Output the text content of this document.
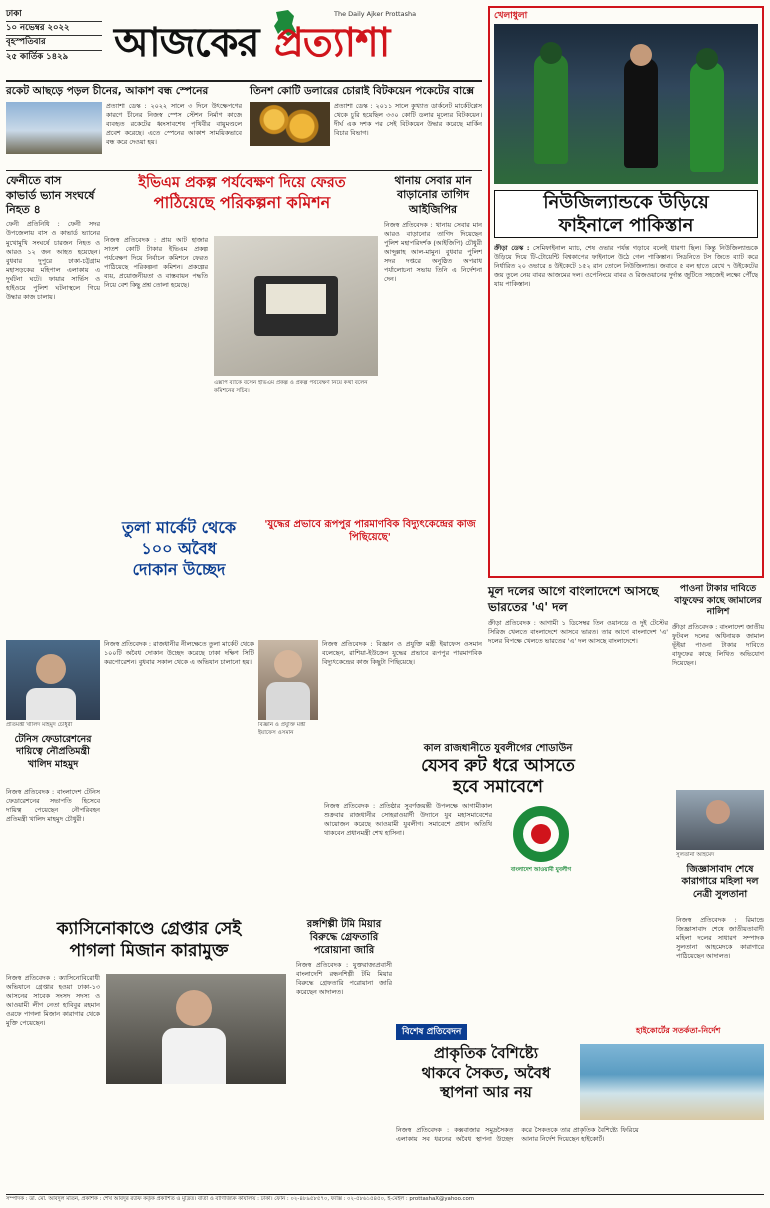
ঢাকা
১০ নভেম্বর ২০২২
বৃহস্পতিবার
২৫ কার্তিক ১৪২৯	আজকের প্রত্যাশা
The Daily Ajker Prottasha
রকেট আছড়ে পড়ল চীনের, আকাশ বন্ধ স্পেনের
প্রত্যাশা ডেস্ক : ২০২২ সালে ৩ দিনে উৎক্ষেপণের কারণে চীনের নিজস্ব স্পেস স্টেশন নির্মাণ কাজে ব্যবহৃত রকেটের ধ্বংসাবশেষ পৃথিবীর বায়ুমণ্ডলে প্রবেশ করেছে। এতে স্পেনের আকাশ সাময়িকভাবে বন্ধ করে দেওয়া হয়।
তিনশ কোটি ডলারের চোরাই বিটকয়েন পকেটের বাক্সে
প্রত্যাশা ডেস্ক : ২০১১ সালে কুখ্যাত ডার্কনেট মার্কেটপ্লেস থেকে চুরি হয়েছিল ৩৩০ কোটি ডলার মূল্যের বিটকয়েন। দীর্ঘ এক দশক পর সেই বিটকয়েন উদ্ধার করেছে মার্কিন বিচার বিভাগ।
খেলাধুলা
নিউজিল্যান্ডকে উড়িয়ে
ফাইনালে পাকিস্তান
ক্রীড়া ডেস্ক : সেমিফাইনাল ম্যাচ, শেষ ওভার পর্যন্ত গড়াবে বলেই ধারণা ছিল। কিন্তু নিউজিল্যান্ডকে উড়িয়ে দিয়ে টি-টোয়েন্টি বিশ্বকাপের ফাইনালে উঠে গেল পাকিস্তান। সিডনিতে টস জিতে ব্যাট করে নির্ধারিত ২০ ওভারে ৪ উইকেটে ১৫২ রান তোলে নিউজিল্যান্ড। জবাবে ৫ বল হাতে রেখে ৭ উইকেটের জয় তুলে নেয় বাবর আজমের দল। ওপেনিংয়ে বাবর ও রিজওয়ানের দুর্দান্ত জুটিতে সহজেই লক্ষ্যে পৌঁছে যায় পাকিস্তান।
ফেনীতে বাস
কাভার্ড ভ্যান সংঘর্ষে নিহত ৪
ফেনী প্রতিনিধি : ফেনী সদর উপজেলায় বাস ও কাভার্ড ভ্যানের মুখোমুখি সংঘর্ষে চারজন নিহত ও আরও ১২ জন আহত হয়েছেন। বুধবার দুপুরে ঢাকা-চট্টগ্রাম মহাসড়কের মহিপাল এলাকায় এ দুর্ঘটনা ঘটে। ফায়ার সার্ভিস ও হাইওয়ে পুলিশ ঘটনাস্থলে গিয়ে উদ্ধার কাজ চালায়।
ইভিএম প্রকল্প পর্যবেক্ষণ দিয়ে ফেরত
পাঠিয়েছে পরিকল্পনা কমিশন
নিজস্ব প্রতিবেদক : প্রায় আট হাজার সাতশ কোটি টাকার ইভিএম প্রকল্প পর্যবেক্ষণ দিয়ে নির্বাচন কমিশনে ফেরত পাঠিয়েছে পরিকল্পনা কমিশন। প্রকল্পের ব্যয়, প্রয়োজনীয়তা ও বাস্তবায়ন পদ্ধতি নিয়ে বেশ কিছু প্রশ্ন তোলা হয়েছে।
এক্সপি ব্যাকে বসেন ইভিএম প্রকল্প ও প্রকল্প পর্যবেক্ষণ নিয়ে কথা বলেন কমিশনের সচিব।
থানায় সেবার মান বাড়ানোর তাগিদ আইজিপির
নিজস্ব প্রতিবেদক : থানায় সেবার মান আরও বাড়ানোর তাগিদ দিয়েছেন পুলিশ মহাপরিদর্শক (আইজিপি) চৌধুরী আব্দুল্লাহ আল-মামুন। বুধবার পুলিশ সদর দপ্তরে অনুষ্ঠিত অপরাধ পর্যালোচনা সভায় তিনি এ নির্দেশনা দেন।
তুলা মার্কেট থেকে
১০০ অবৈধ
দোকান উচ্ছেদ
'যুদ্ধের প্রভাবে রূপপুর পারমাণবিক বিদ্যুৎকেন্দ্রের কাজ পিছিয়েছে'
মূল দলের আগে বাংলাদেশে আসছে ভারতের 'এ' দল
ক্রীড়া প্রতিবেদক : আগামী ১ ডিসেম্বর তিন ওয়ানডে ও দুই টেস্টের সিরিজ খেলতে বাংলাদেশে আসবে ভারত। তার আগে বাংলাদেশ 'এ' দলের বিপক্ষে খেলতে ভারতের 'এ' দল আসছে বাংলাদেশে।
পাওনা টাকার দাবিতে বাফুফের কাছে জামালের নালিশ
ক্রীড়া প্রতিবেদক : বাংলাদেশ জাতীয় ফুটবল দলের অধিনায়ক জামাল ভূঁইয়া পাওনা টাকার দাবিতে বাফুফের কাছে লিখিত অভিযোগ দিয়েছেন।
নিজস্ব প্রতিবেদক : রাজধানীর নীলক্ষেতে তুলা মার্কেট থেকে ১০০টি অবৈধ দোকান উচ্ছেদ করেছে ঢাকা দক্ষিণ সিটি করপোরেশন। বুধবার সকাল থেকে এ অভিযান চালানো হয়।
বিজ্ঞান ও প্রযুক্তি মন্ত্রী ইয়াফেস ওসমান
নিজস্ব প্রতিবেদক : বিজ্ঞান ও প্রযুক্তি মন্ত্রী ইয়াফেস ওসমান বলেছেন, রাশিয়া-ইউক্রেন যুদ্ধের প্রভাবে রূপপুর পারমাণবিক বিদ্যুৎকেন্দ্রের কাজ কিছুটা পিছিয়েছে।
কাল রাজধানীতে যুবলীগের শোডাউন
যেসব রুট ধরে আসতে
হবে সমাবেশে
নিজস্ব প্রতিবেদক : প্রতিষ্ঠার সুবর্ণজয়ন্তী উপলক্ষে আগামীকাল শুক্রবার রাজধানীর সোহরাওয়ার্দী উদ্যানে যুব মহাসমাবেশের আয়োজন করেছে আওয়ামী যুবলীগ। সমাবেশে প্রধান অতিথি থাকবেন প্রধানমন্ত্রী শেখ হাসিনা।
বাংলাদেশ আওয়ামী যুবলীগ
প্রতিমন্ত্রী খালিদ মাহমুদ চৌধুরী
টেনিস ফেডারেশনের দায়িত্বে নৌপ্রতিমন্ত্রী খালিদ মাহমুদ
নিজস্ব প্রতিবেদক : বাংলাদেশ টেনিস ফেডারেশনের সভাপতি হিসেবে দায়িত্ব পেয়েছেন নৌপরিবহন প্রতিমন্ত্রী খালিদ মাহমুদ চৌধুরী।
সুলতানা আহমেদ
জিজ্ঞাসাবাদ শেষে কারাগারে মহিলা দল নেত্রী সুলতানা
নিজস্ব প্রতিবেদক : রিমান্ডে জিজ্ঞাসাবাদ শেষে জাতীয়তাবাদী মহিলা দলের সাধারণ সম্পাদক সুলতানা আহমেদকে কারাগারে পাঠিয়েছেন আদালত।
ক্যাসিনোকাণ্ডে গ্রেপ্তার সেই
পাগলা মিজান কারামুক্ত
নিজস্ব প্রতিবেদক : ক্যাসিনোবিরোধী অভিযানে গ্রেপ্তার হওয়া ঢাকা-১৩ আসনের সাবেক সংসদ সদস্য ও আওয়ামী লীগ নেতা হাবিবুর রহমান ওরফে পাগলা মিজান কারাগার থেকে মুক্তি পেয়েছেন।
রঙ্গশিল্পী টমি মিয়ার বিরুদ্ধে গ্রেফতারি পরোয়ানা জারি
নিজস্ব প্রতিবেদক : যুক্তরাজ্যপ্রবাসী বাংলাদেশি রন্ধনশিল্পী টমি মিয়ার বিরুদ্ধে গ্রেফতারি পরোয়ানা জারি করেছেন আদালত।
বিশেষ প্রতিবেদন	হাইকোর্টের সতর্কতা-নির্দেশ
প্রাকৃতিক বৈশিষ্ট্যে
থাকবে সৈকত, অবৈধ
স্থাপনা আর নয়
নিজস্ব প্রতিবেদক : কক্সবাজার সমুদ্রসৈকত এলাকায় সব ধরনের অবৈধ স্থাপনা উচ্ছেদ করে সৈকতকে তার প্রাকৃতিক বৈশিষ্ট্যে ফিরিয়ে আনার নির্দেশ দিয়েছেন হাইকোর্ট।
সম্পাদক : ডা. মো. আবদুল মতিন, প্রকাশক : শেখ আবদুর রউফ কর্তৃক প্রকাশিত ও মুদ্রিত। বার্তা ও বাণিজ্যিক কার্যালয় : ঢাকা। ফোন : ০২-৪৮৯৫৮৫৭০, ফ্যাক্স : ০২-৫৮৬১৫৪৫০, ই-মেইল : prottashaX@yahoo.com
